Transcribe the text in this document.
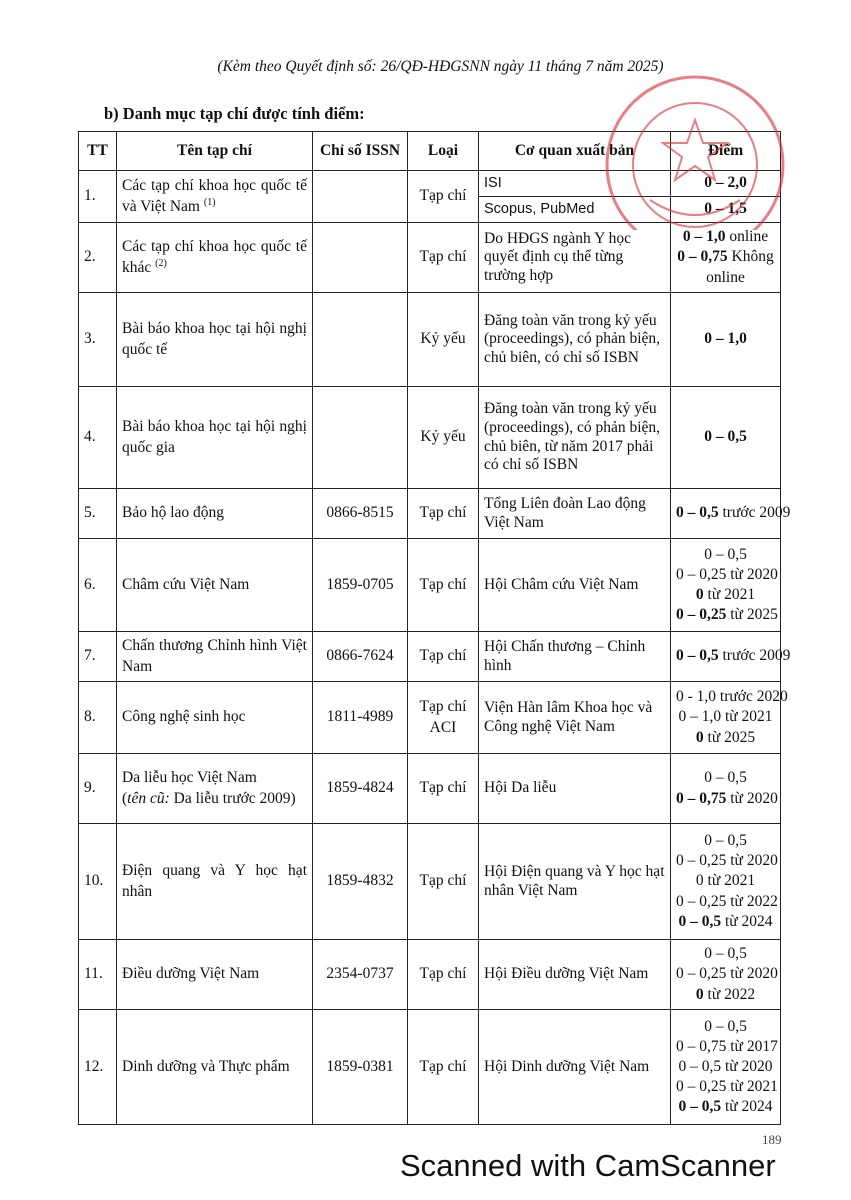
(Kèm theo Quyết định số: 26/QĐ-HĐGSNN ngày 11 tháng 7 năm 2025)
b) Danh mục tạp chí được tính điểm:
TT	Tên tạp chí	Chỉ số ISSN	Loại	Cơ quan xuất bản	Điểm
1.	Các tạp chí khoa học quốc tế và Việt Nam $^{(1)}$		Tạp chí	ISI	0 – 2,0

				Scopus, PubMed	0 – 1,5

2.	Các tạp chí khoa học quốc tế khác $^{(2)}$		Tạp chí	Do HĐGS ngành Y học quyết định cụ thể từng trường hợp	0 – 1,0 online
0 – 0,75 Không
online

3.	Bài báo khoa học tại hội nghị quốc tế		Kỷ yếu	Đăng toàn văn trong kỷ yếu (proceedings), có phản biện, chủ biên, có chỉ số ISBN	0 – 1,0

4.	Bài báo khoa học tại hội nghị quốc gia		Kỷ yếu	Đăng toàn văn trong kỷ yếu (proceedings), có phản biện, chủ biên, từ năm 2017 phải có chỉ số ISBN	0 – 0,5

5.	Bảo hộ lao động	0866-8515	Tạp chí	Tổng Liên đoàn Lao động Việt Nam	0 – 0,5 trước 2009

6.	Châm cứu Việt Nam	1859-0705	Tạp chí	Hội Châm cứu Việt Nam	0 – 0,5
0 – 0,25 từ 2020
0 từ 2021
0 – 0,25 từ 2025

7.	Chấn thương Chỉnh hình Việt Nam	0866-7624	Tạp chí	Hội Chấn thương – Chỉnh hình	0 – 0,5 trước 2009

8.	Công nghệ sinh học	1811-4989	Tạp chí ACI	Viện Hàn lâm Khoa học và Công nghệ Việt Nam	0 - 1,0 trước 2020
0 – 1,0 từ 2021
0 từ 2025

9.	Da liễu học Việt Nam
(tên cũ: Da liễu trước 2009)	1859-4824	Tạp chí	Hội Da liễu	0 – 0,5
0 – 0,75 từ 2020

10.	Điện quang và Y học hạt nhân	1859-4832	Tạp chí	Hội Điện quang và Y học hạt nhân Việt Nam	0 – 0,5
0 – 0,25 từ 2020
0 từ 2021
0 – 0,25 từ 2022
0 – 0,5 từ 2024

11.	Điều dưỡng Việt Nam	2354-0737	Tạp chí	Hội Điều dưỡng Việt Nam	0 – 0,5
0 – 0,25 từ 2020
0 từ 2022

12.	Dinh dưỡng và Thực phẩm	1859-0381	Tạp chí	Hội Dinh dưỡng Việt Nam	0 – 0,5
0 – 0,75 từ 2017
0 – 0,5 từ 2020
0 – 0,25 từ 2021
0 – 0,5 từ 2024
189
Scanned with CamScanner
